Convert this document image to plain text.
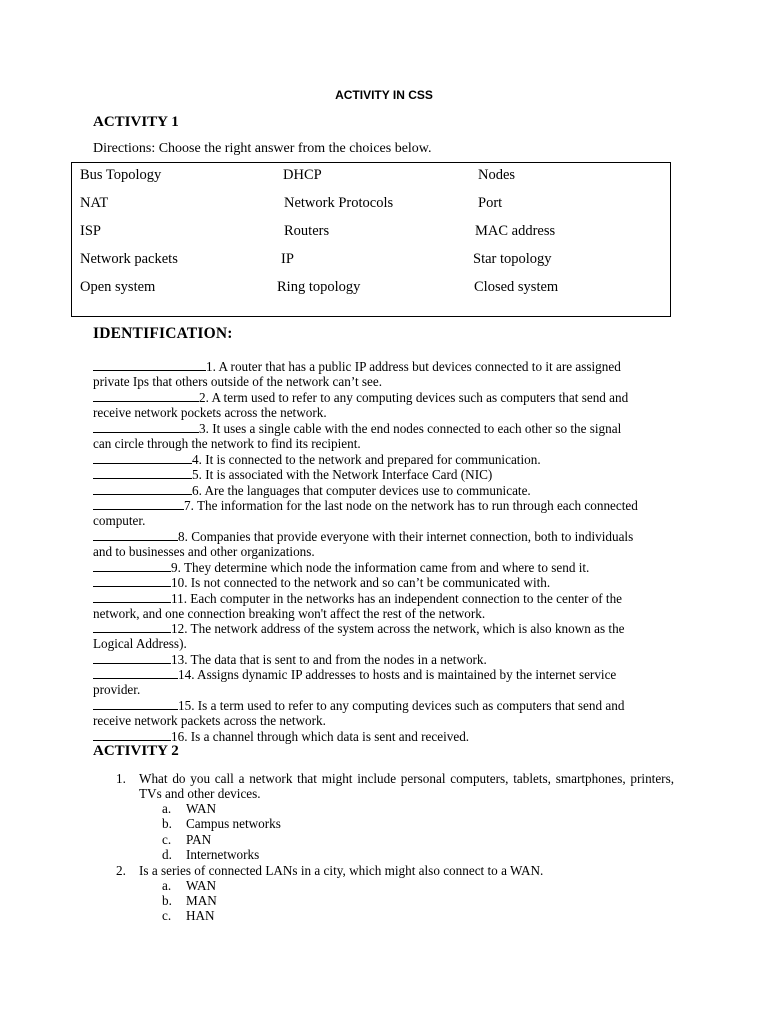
ACTIVITY IN CSS
ACTIVITY 1
Directions: Choose the right answer from the choices below.
Bus Topology	DHCP	Nodes
NAT	Network Protocols	Port
ISP	Routers	MAC address
Network packets	IP	Star topology
Open system	Ring topology	Closed system
IDENTIFICATION:
1. A router that has a public IP address but devices connected to it are assigned
private Ips that others outside of the network can’t see.
2. A term used to refer to any computing devices such as computers that send and
receive network pockets across the network.
3. It uses a single cable with the end nodes connected to each other so the signal
can circle through the network to find its recipient.
4. It is connected to the network and prepared for communication.
5. It is associated with the Network Interface Card (NIC)
6. Are the languages that computer devices use to communicate.
7. The information for the last node on the network has to run through each connected
computer.
8. Companies that provide everyone with their internet connection, both to individuals
and to businesses and other organizations.
9. They determine which node the information came from and where to send it.
10. Is not connected to the network and so can’t be communicated with.
11. Each computer in the networks has an independent connection to the center of the
network, and one connection breaking won't affect the rest of the network.
12. The network address of the system across the network, which is also known as the
Logical Address).
13. The data that is sent to and from the nodes in a network.
14. Assigns dynamic IP addresses to hosts and is maintained by the internet service
provider.
15. Is a term used to refer to any computing devices such as computers that send and
receive network packets across the network.
16. Is a channel through which data is sent and received.
ACTIVITY 2
1. What do you call a network that might include personal computers, tablets, smartphones, printers, TVs and other devices.
a. WAN
b. Campus networks
c. PAN
d. Internetworks
2. Is a series of connected LANs in a city, which might also connect to a WAN.
a. WAN
b. MAN
c. HAN
